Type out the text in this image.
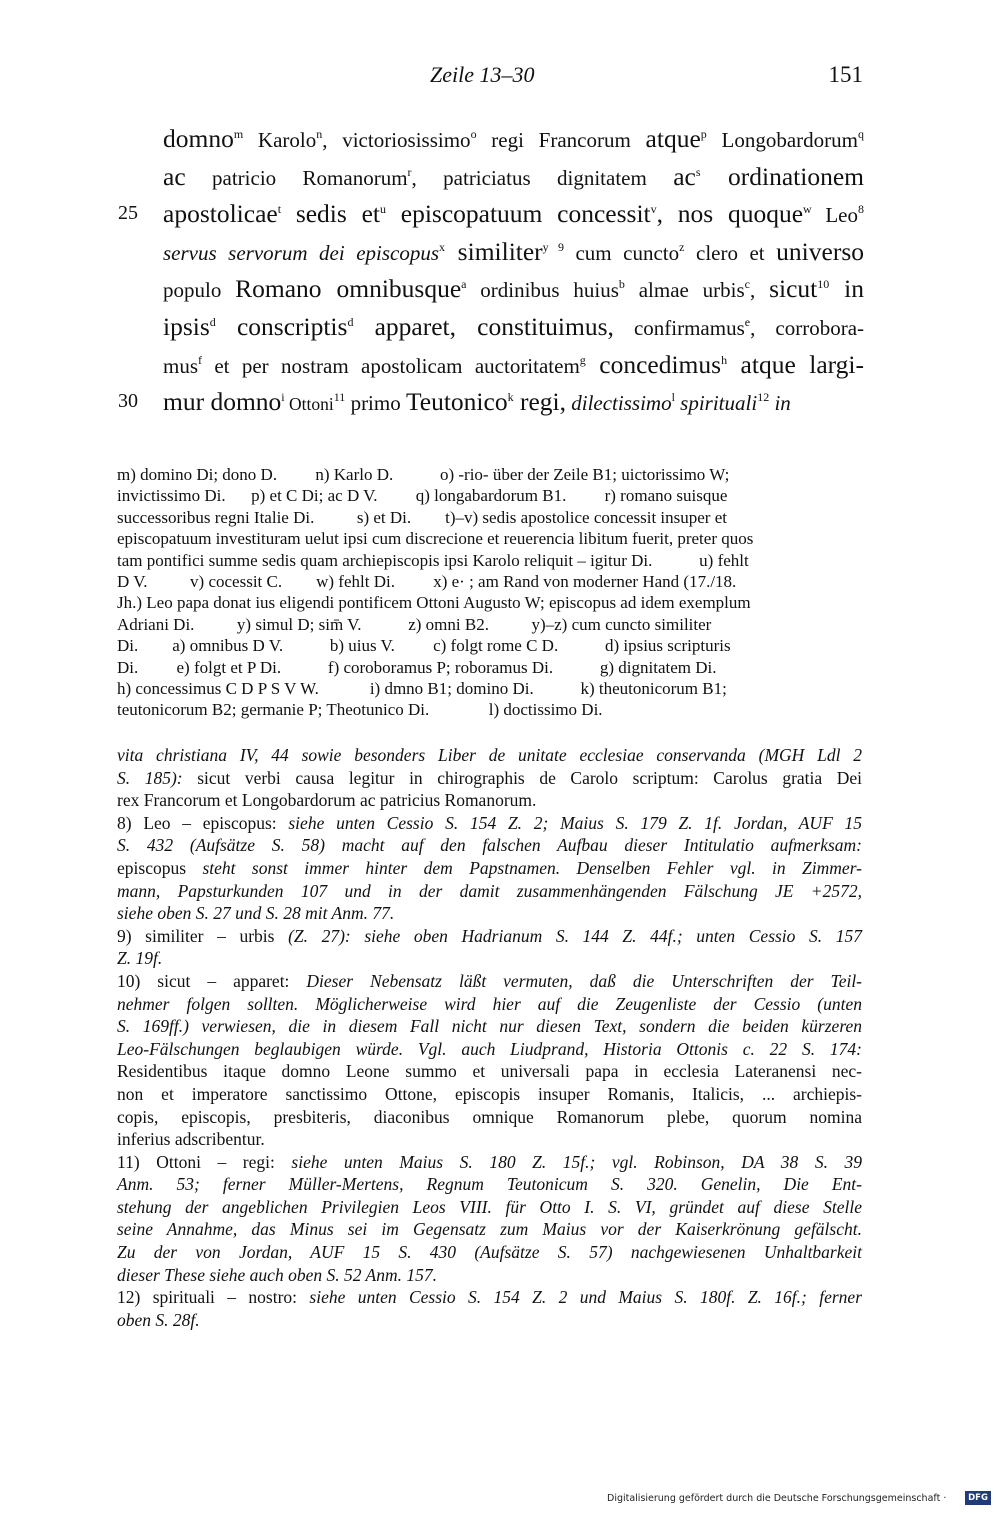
Zeile 13–30	151
domno$^m$ Karolo$^n$, victoriosissimo$^o$ regi Francorum atque$^p$ Longobardorum$^q$
ac patricio Romanorum$^r$, patriciatus dignitatem $ac^s$ ordinationem
25 apostolicae$^t$ sedis $et^u$ episcopatuum concessit$^v$, nos quoque$^w$ Leo$^8$
servus servorum dei episcopus$^x$ similiter$^{y 9}$ cum cuncto$^z$ clero et universo
populo Romano omnibusque$^a$ ordinibus huius$^b$ almae urbis$^c$, sicut$^{10}$ in
ipsis$^d$ conscriptis$^d$ apparet, constituimus, confirmamus$^e$, corrobora-
mus$^f$ et per nostram apostolicam auctoritatem$^g$ concedimus$^h$ atque largi-
30 mur domno$^i$ Ottoni$^{11}$ primo Teutonico$^k$ regi, dilectissimo$^l$ spirituali$^{12}$ in
m) domino Di; dono D.         n) Karlo D.           o) -rio- über der Zeile B1; uictorissimo W;
invictissimo Di.      p) et C Di; ac D V.         q) longabardorum B1.         r) romano suisque
successoribus regni Italie Di.          s) et Di.        t)–v) sedis apostolice concessit insuper et
episcopatuum investituram uelut ipsi cum discrecione et reuerencia libitum fuerit, preter quos
tam pontifici summe sedis quam archiepiscopis ipsi Karolo reliquit – igitur Di.           u) fehlt
D V.          v) cocessit C.        w) fehlt Di.         x) e· ; am Rand von moderner Hand (17./18.
Jh.) Leo papa donat ius eligendi pontificem Ottoni Augusto W; episcopus ad idem exemplum
Adriani Di.          y) simul D; sim̄ V.           z) omni B2.          y)–z) cum cuncto similiter
Di.        a) omnibus D V.           b) uius V.         c) folgt rome C D.           d) ipsius scripturis
Di.         e) folgt et P Di.           f) coroboramus P; roboramus Di.           g) dignitatem Di.
h) concessimus C D P S V W.            i) dmno B1; domino Di.           k) theutonicorum B1;
teutonicorum B2; germanie P; Theotunico Di.              l) doctissimo Di.
vita christiana IV, 44 sowie besonders Liber de unitate ecclesiae conservanda (MGH Ldl 2
S. 185): sicut verbi causa legitur in chirographis de Carolo scriptum: Carolus gratia Dei
rex Francorum et Longobardorum ac patricius Romanorum.
8) Leo – episcopus: siehe unten Cessio S. 154 Z. 2; Maius S. 179 Z. 1f. Jordan, AUF 15
S. 432 (Aufsätze S. 58) macht auf den falschen Aufbau dieser Intitulatio aufmerksam:
episcopus steht sonst immer hinter dem Papstnamen. Denselben Fehler vgl. in Zimmer-
mann, Papsturkunden 107 und in der damit zusammenhängenden Fälschung JE +2572,
siehe oben S. 27 und S. 28 mit Anm. 77.
9) similiter – urbis (Z. 27): siehe oben Hadrianum S. 144 Z. 44f.; unten Cessio S. 157
Z. 19f.
10) sicut – apparet: Dieser Nebensatz läßt vermuten, daß die Unterschriften der Teil-
nehmer folgen sollten. Möglicherweise wird hier auf die Zeugenliste der Cessio (unten
S. 169ff.) verwiesen, die in diesem Fall nicht nur diesen Text, sondern die beiden kürzeren
Leo-Fälschungen beglaubigen würde. Vgl. auch Liudprand, Historia Ottonis c. 22 S. 174:
Residentibus itaque domno Leone summo et universali papa in ecclesia Lateranensi nec-
non et imperatore sanctissimo Ottone, episcopis insuper Romanis, Italicis, ... archiepis-
copis, episcopis, presbiteris, diaconibus omnique Romanorum plebe, quorum nomina
inferius adscribentur.
11) Ottoni – regi: siehe unten Maius S. 180 Z. 15f.; vgl. Robinson, DA 38 S. 39
Anm. 53; ferner Müller-Mertens, Regnum Teutonicum S. 320. Genelin, Die Ent-
stehung der angeblichen Privilegien Leos VIII. für Otto I. S. VI, gründet auf diese Stelle
seine Annahme, das Minus sei im Gegensatz zum Maius vor der Kaiserkrönung gefälscht.
Zu der von Jordan, AUF 15 S. 430 (Aufsätze S. 57) nachgewiesenen Unhaltbarkeit
dieser These siehe auch oben S. 52 Anm. 157.
12) spirituali – nostro: siehe unten Cessio S. 154 Z. 2 und Maius S. 180f. Z. 16f.; ferner
oben S. 28f.
Digitalisierung gefördert durch die Deutsche Forschungsgemeinschaft ·	DFG
